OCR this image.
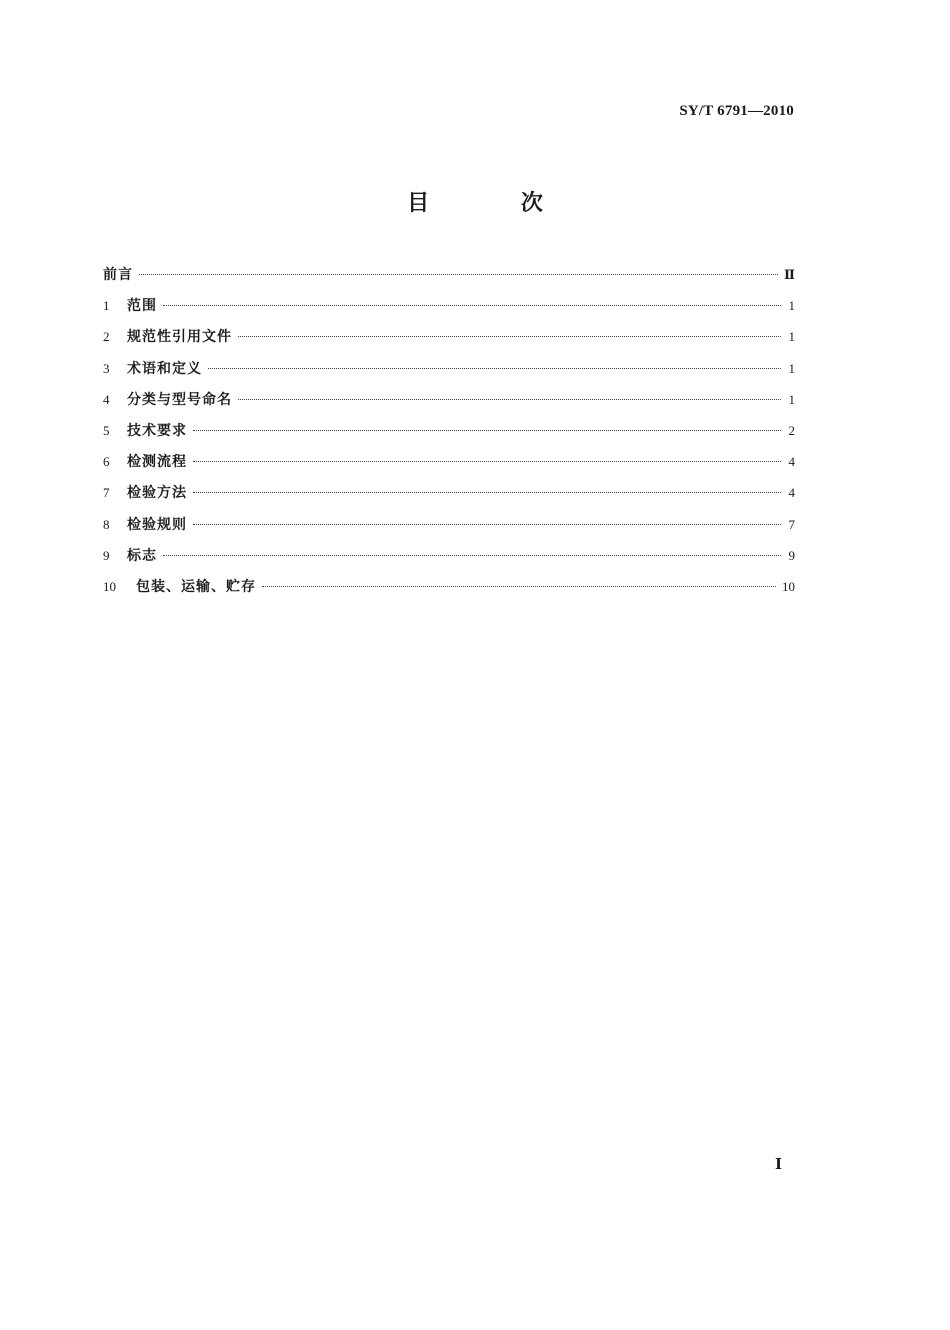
SY/T 6791—2010
目 次
前言	Ⅱ
1	范围	1
2	规范性引用文件	1
3	术语和定义	1
4	分类与型号命名	1
5	技术要求	2
6	检测流程	4
7	检验方法	4
8	检验规则	7
9	标志	9
10	包装、运输、贮存	10
Ⅰ
